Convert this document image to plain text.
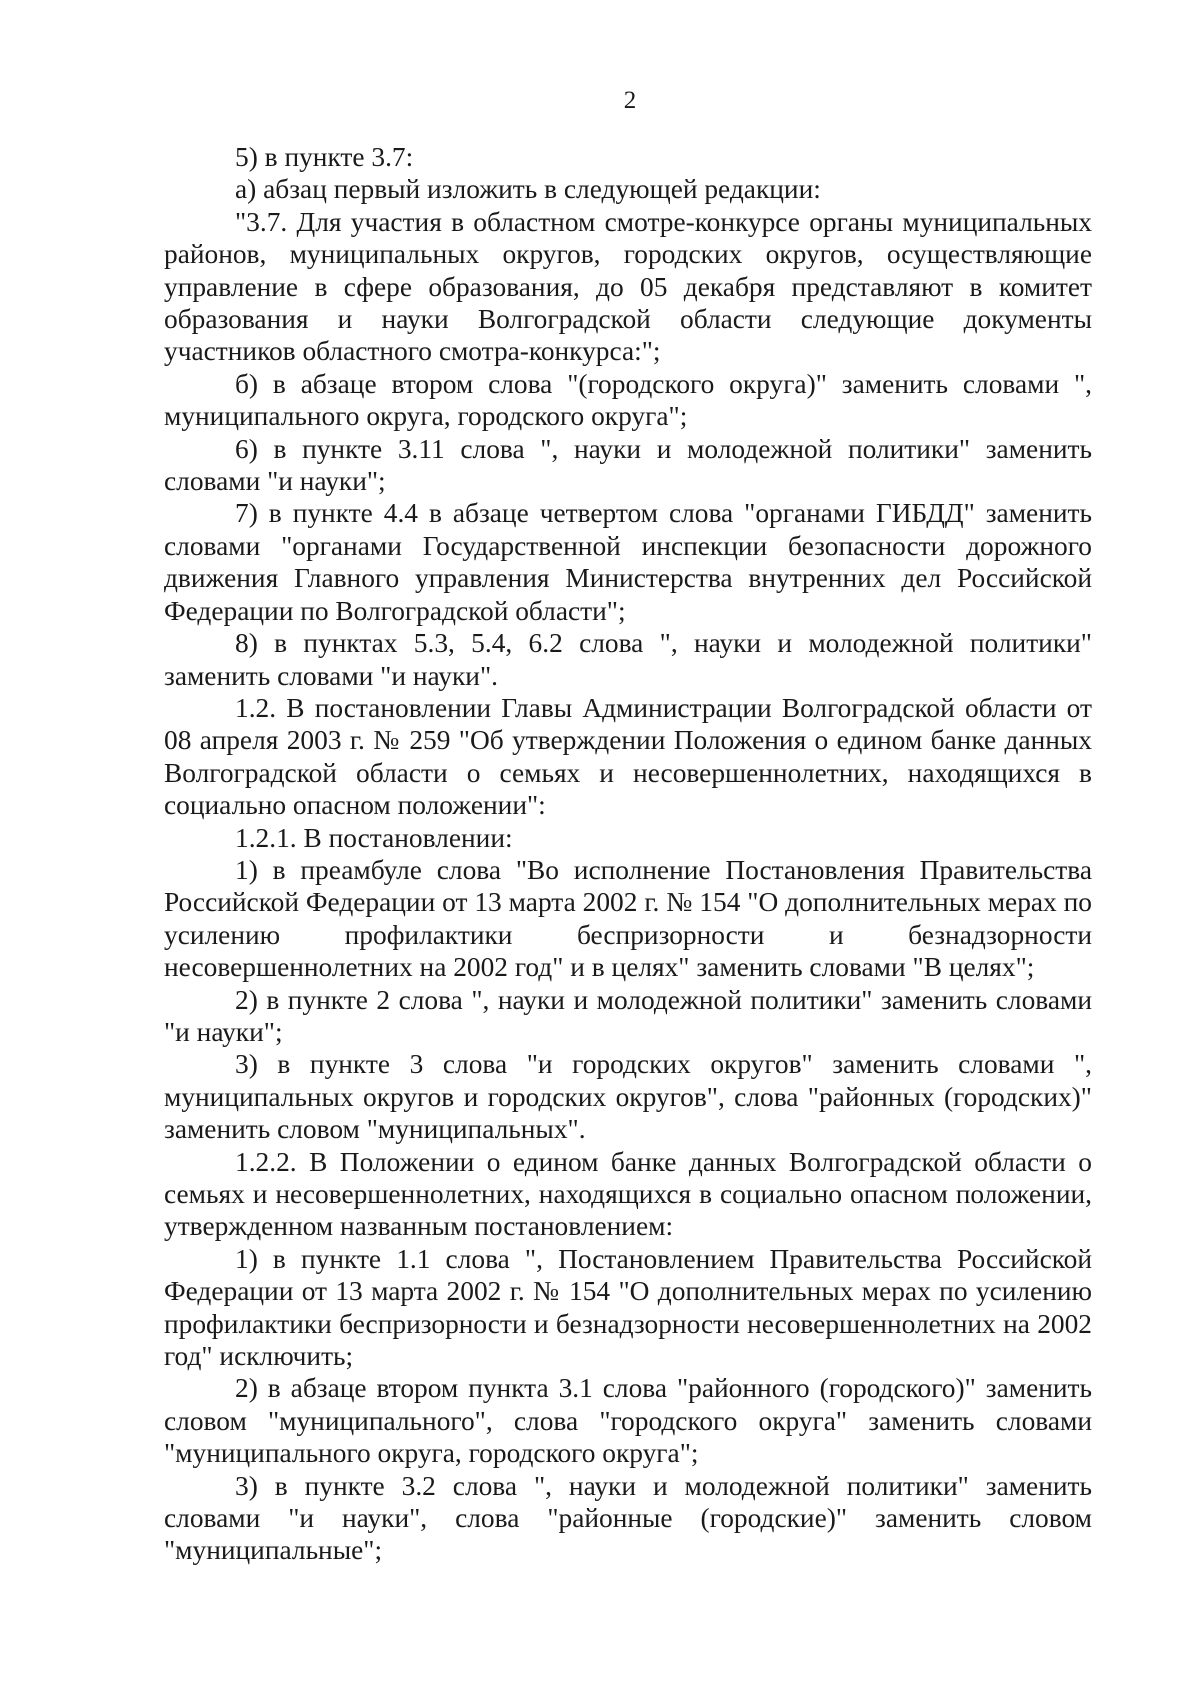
2

5) в пункте 3.7:

а) абзац первый изложить в следующей редакции:

"3.7. Для участия в областном смотре-конкурсе органы муниципальных районов, муниципальных округов, городских округов, осуществляющие управление в сфере образования, до 05 декабря представляют в комитет образования и науки Волгоградской области следующие документы участников областного смотра-конкурса:";

б) в абзаце втором слова "(городского округа)" заменить словами ", муниципального округа, городского округа";

6) в пункте 3.11 слова ", науки и молодежной политики" заменить словами "и науки";

7) в пункте 4.4 в абзаце четвертом слова "органами ГИБДД" заменить словами "органами Государственной инспекции безопасности дорожного движения Главного управления Министерства внутренних дел Российской Федерации по Волгоградской области";

8) в пунктах 5.3, 5.4, 6.2 слова ", науки и молодежной политики" заменить словами "и науки".

1.2. В постановлении Главы Администрации Волгоградской области от 08 апреля 2003 г. № 259 "Об утверждении Положения о едином банке данных Волгоградской области о семьях и несовершеннолетних, находящихся в социально опасном положении":

1.2.1. В постановлении:

1) в преамбуле слова "Во исполнение Постановления Правительства Российской Федерации от 13 марта 2002 г. № 154 "О дополнительных мерах по усилению профилактики беспризорности и безнадзорности несовершеннолетних на 2002 год" и в целях" заменить словами "В целях";

2) в пункте 2 слова ", науки и молодежной политики" заменить словами "и науки";

3) в пункте 3 слова "и городских округов" заменить словами ", муниципальных округов и городских округов", слова "районных (городских)" заменить словом "муниципальных".

1.2.2. В Положении о едином банке данных Волгоградской области о семьях и несовершеннолетних, находящихся в социально опасном положении, утвержденном названным постановлением:

1) в пункте 1.1 слова ", Постановлением Правительства Российской Федерации от 13 марта 2002 г. № 154 "О дополнительных мерах по усилению профилактики беспризорности и безнадзорности несовершеннолетних на 2002 год" исключить;

2) в абзаце втором пункта 3.1 слова "районного (городского)" заменить словом "муниципального", слова "городского округа" заменить словами "муниципального округа, городского округа";

3) в пункте 3.2 слова ", науки и молодежной политики" заменить словами "и науки", слова "районные (городские)" заменить словом "муниципальные";
